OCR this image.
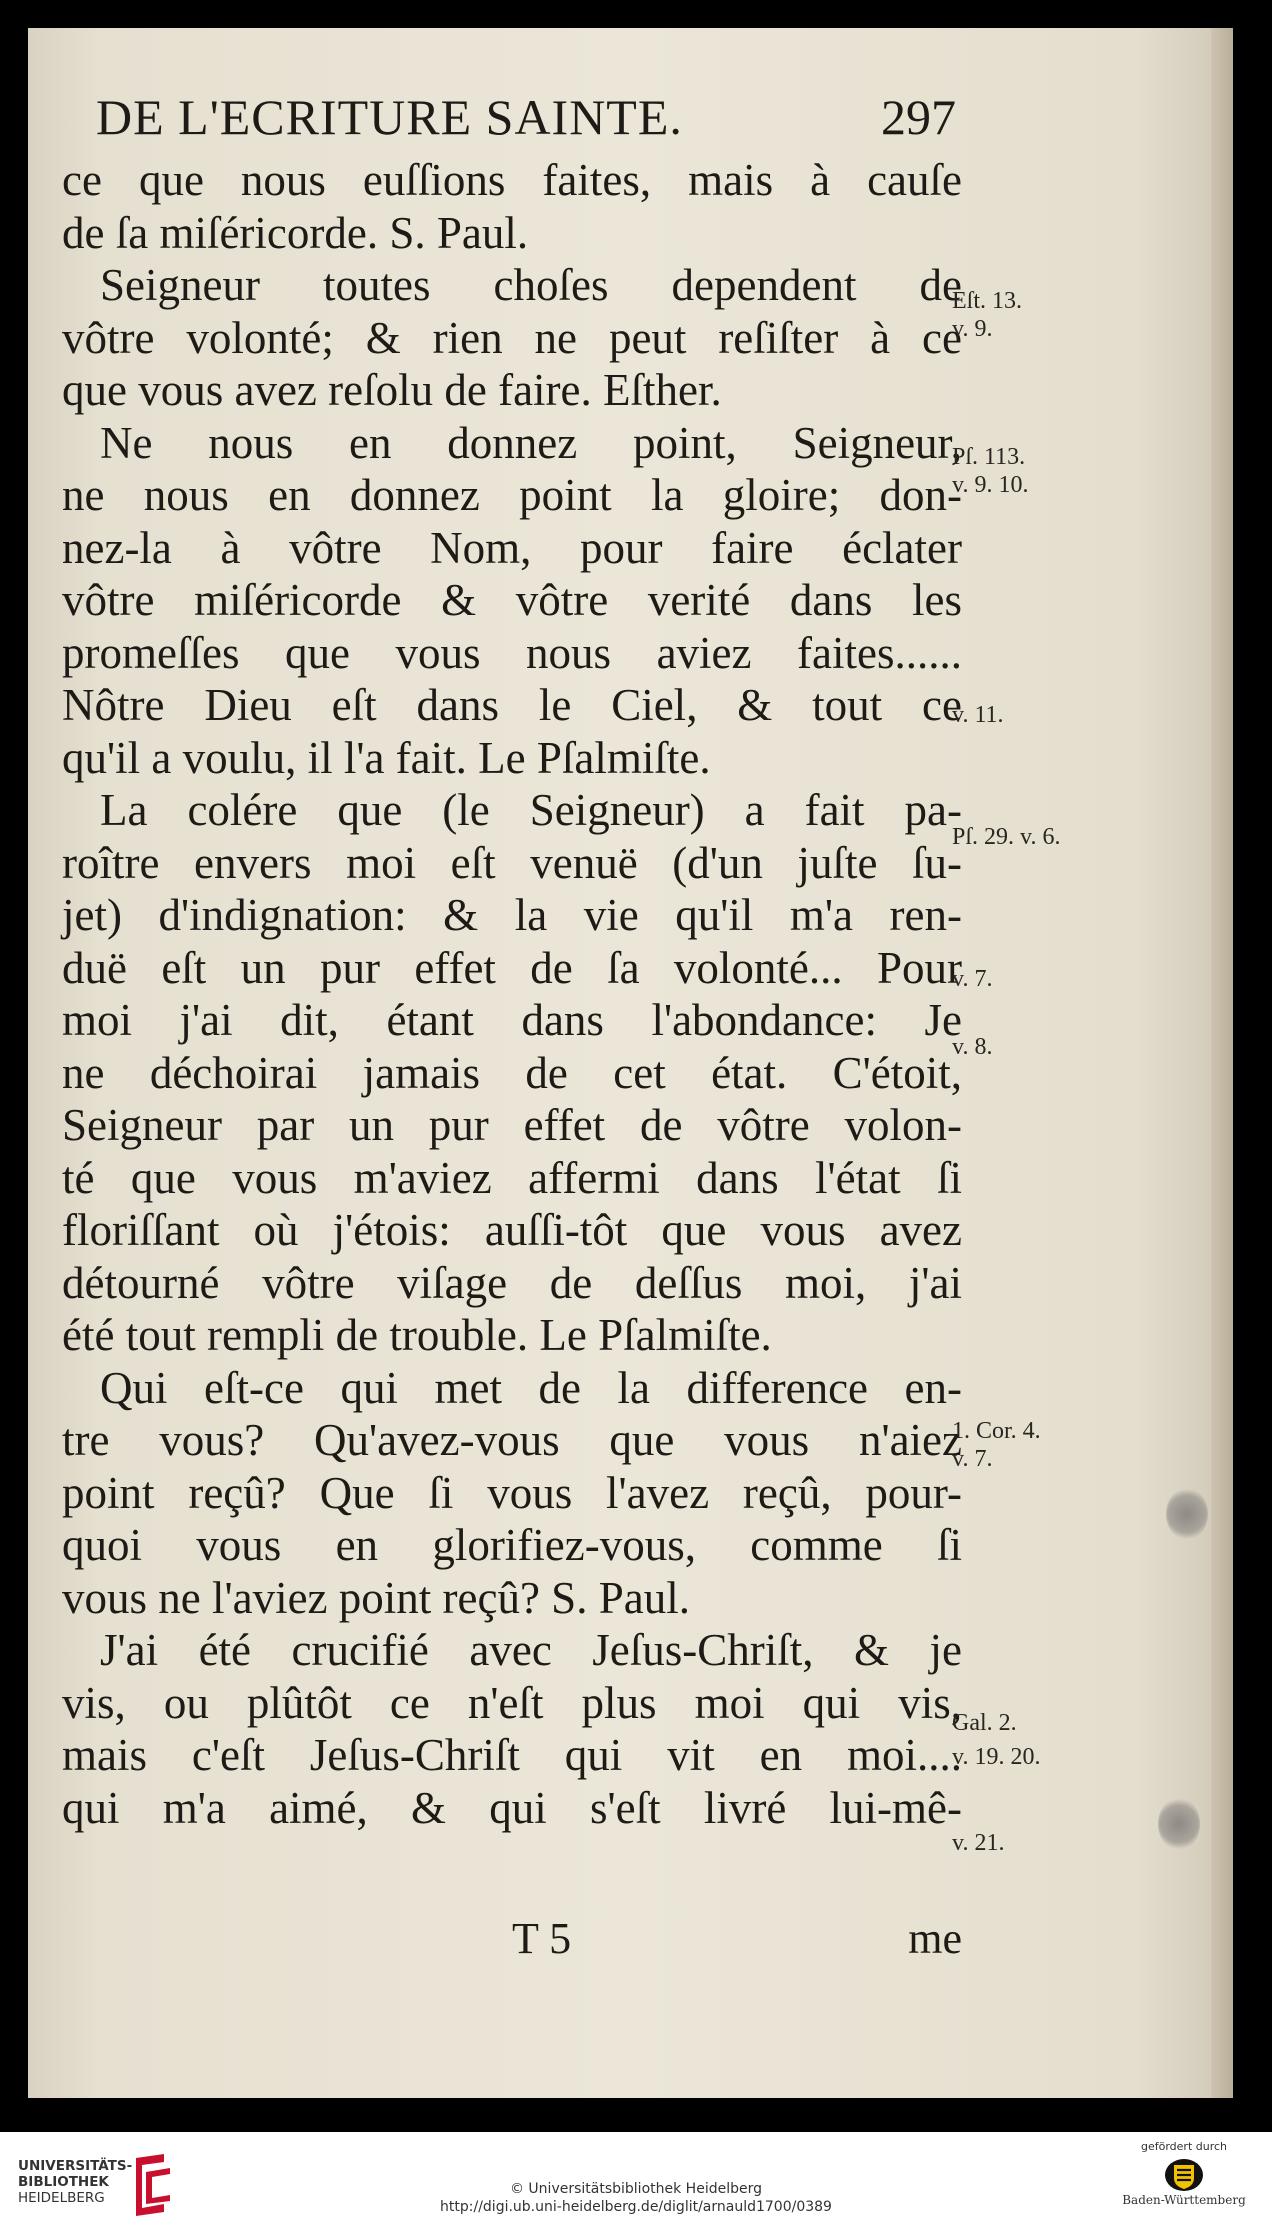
DE L'ECRITURE SAINTE.	297
ce que nous euſſions faites, mais à cauſe
de ſa miſéricorde. S. Paul.
Seigneur toutes choſes dependent de
vôtre volonté; & rien ne peut reſiſter à ce
que vous avez reſolu de faire. Eſther.
Ne nous en donnez point, Seigneur,
ne nous en donnez point la gloire; don-
nez-la à vôtre Nom, pour faire éclater
vôtre miſéricorde & vôtre verité dans les
promeſſes que vous nous aviez faites......
Nôtre Dieu eſt dans le Ciel, & tout ce
qu'il a voulu, il l'a fait. Le Pſalmiſte.
La colére que (le Seigneur) a fait pa-
roître envers moi eſt venuë (d'un juſte ſu-
jet) d'indignation: & la vie qu'il m'a ren-
duë eſt un pur effet de ſa volonté... Pour
moi j'ai dit, étant dans l'abondance: Je
ne déchoirai jamais de cet état. C'étoit,
Seigneur par un pur effet de vôtre volon-
té que vous m'aviez affermi dans l'état ſi
floriſſant où j'étois: auſſi-tôt que vous avez
détourné vôtre viſage de deſſus moi, j'ai
été tout rempli de trouble. Le Pſalmiſte.
Qui eſt-ce qui met de la difference en-
tre vous? Qu'avez-vous que vous n'aiez
point reçû? Que ſi vous l'avez reçû, pour-
quoi vous en glorifiez-vous, comme ſi
vous ne l'aviez point reçû? S. Paul.
J'ai été crucifié avec Jeſus-Chriſt, & je
vis, ou plûtôt ce n'eſt plus moi qui vis,
mais c'eſt Jeſus-Chriſt qui vit en moi....
qui m'a aimé, & qui s'eſt livré lui-mê-
Eſt. 13.
v. 9.
Pſ. 113.
v. 9. 10.
v. 11.
Pſ. 29. v. 6.
v. 7.
v. 8.
1. Cor. 4.
v. 7.
Gal. 2.
v. 19. 20.
v. 21.
T 5	me
UNIVERSITÄTS-
BIBLIOTHEK
HEIDELBERG
© Universitätsbibliothek Heidelberg
http://digi.ub.uni-heidelberg.de/diglit/arnauld1700/0389
gefördert durch
Baden-Württemberg
